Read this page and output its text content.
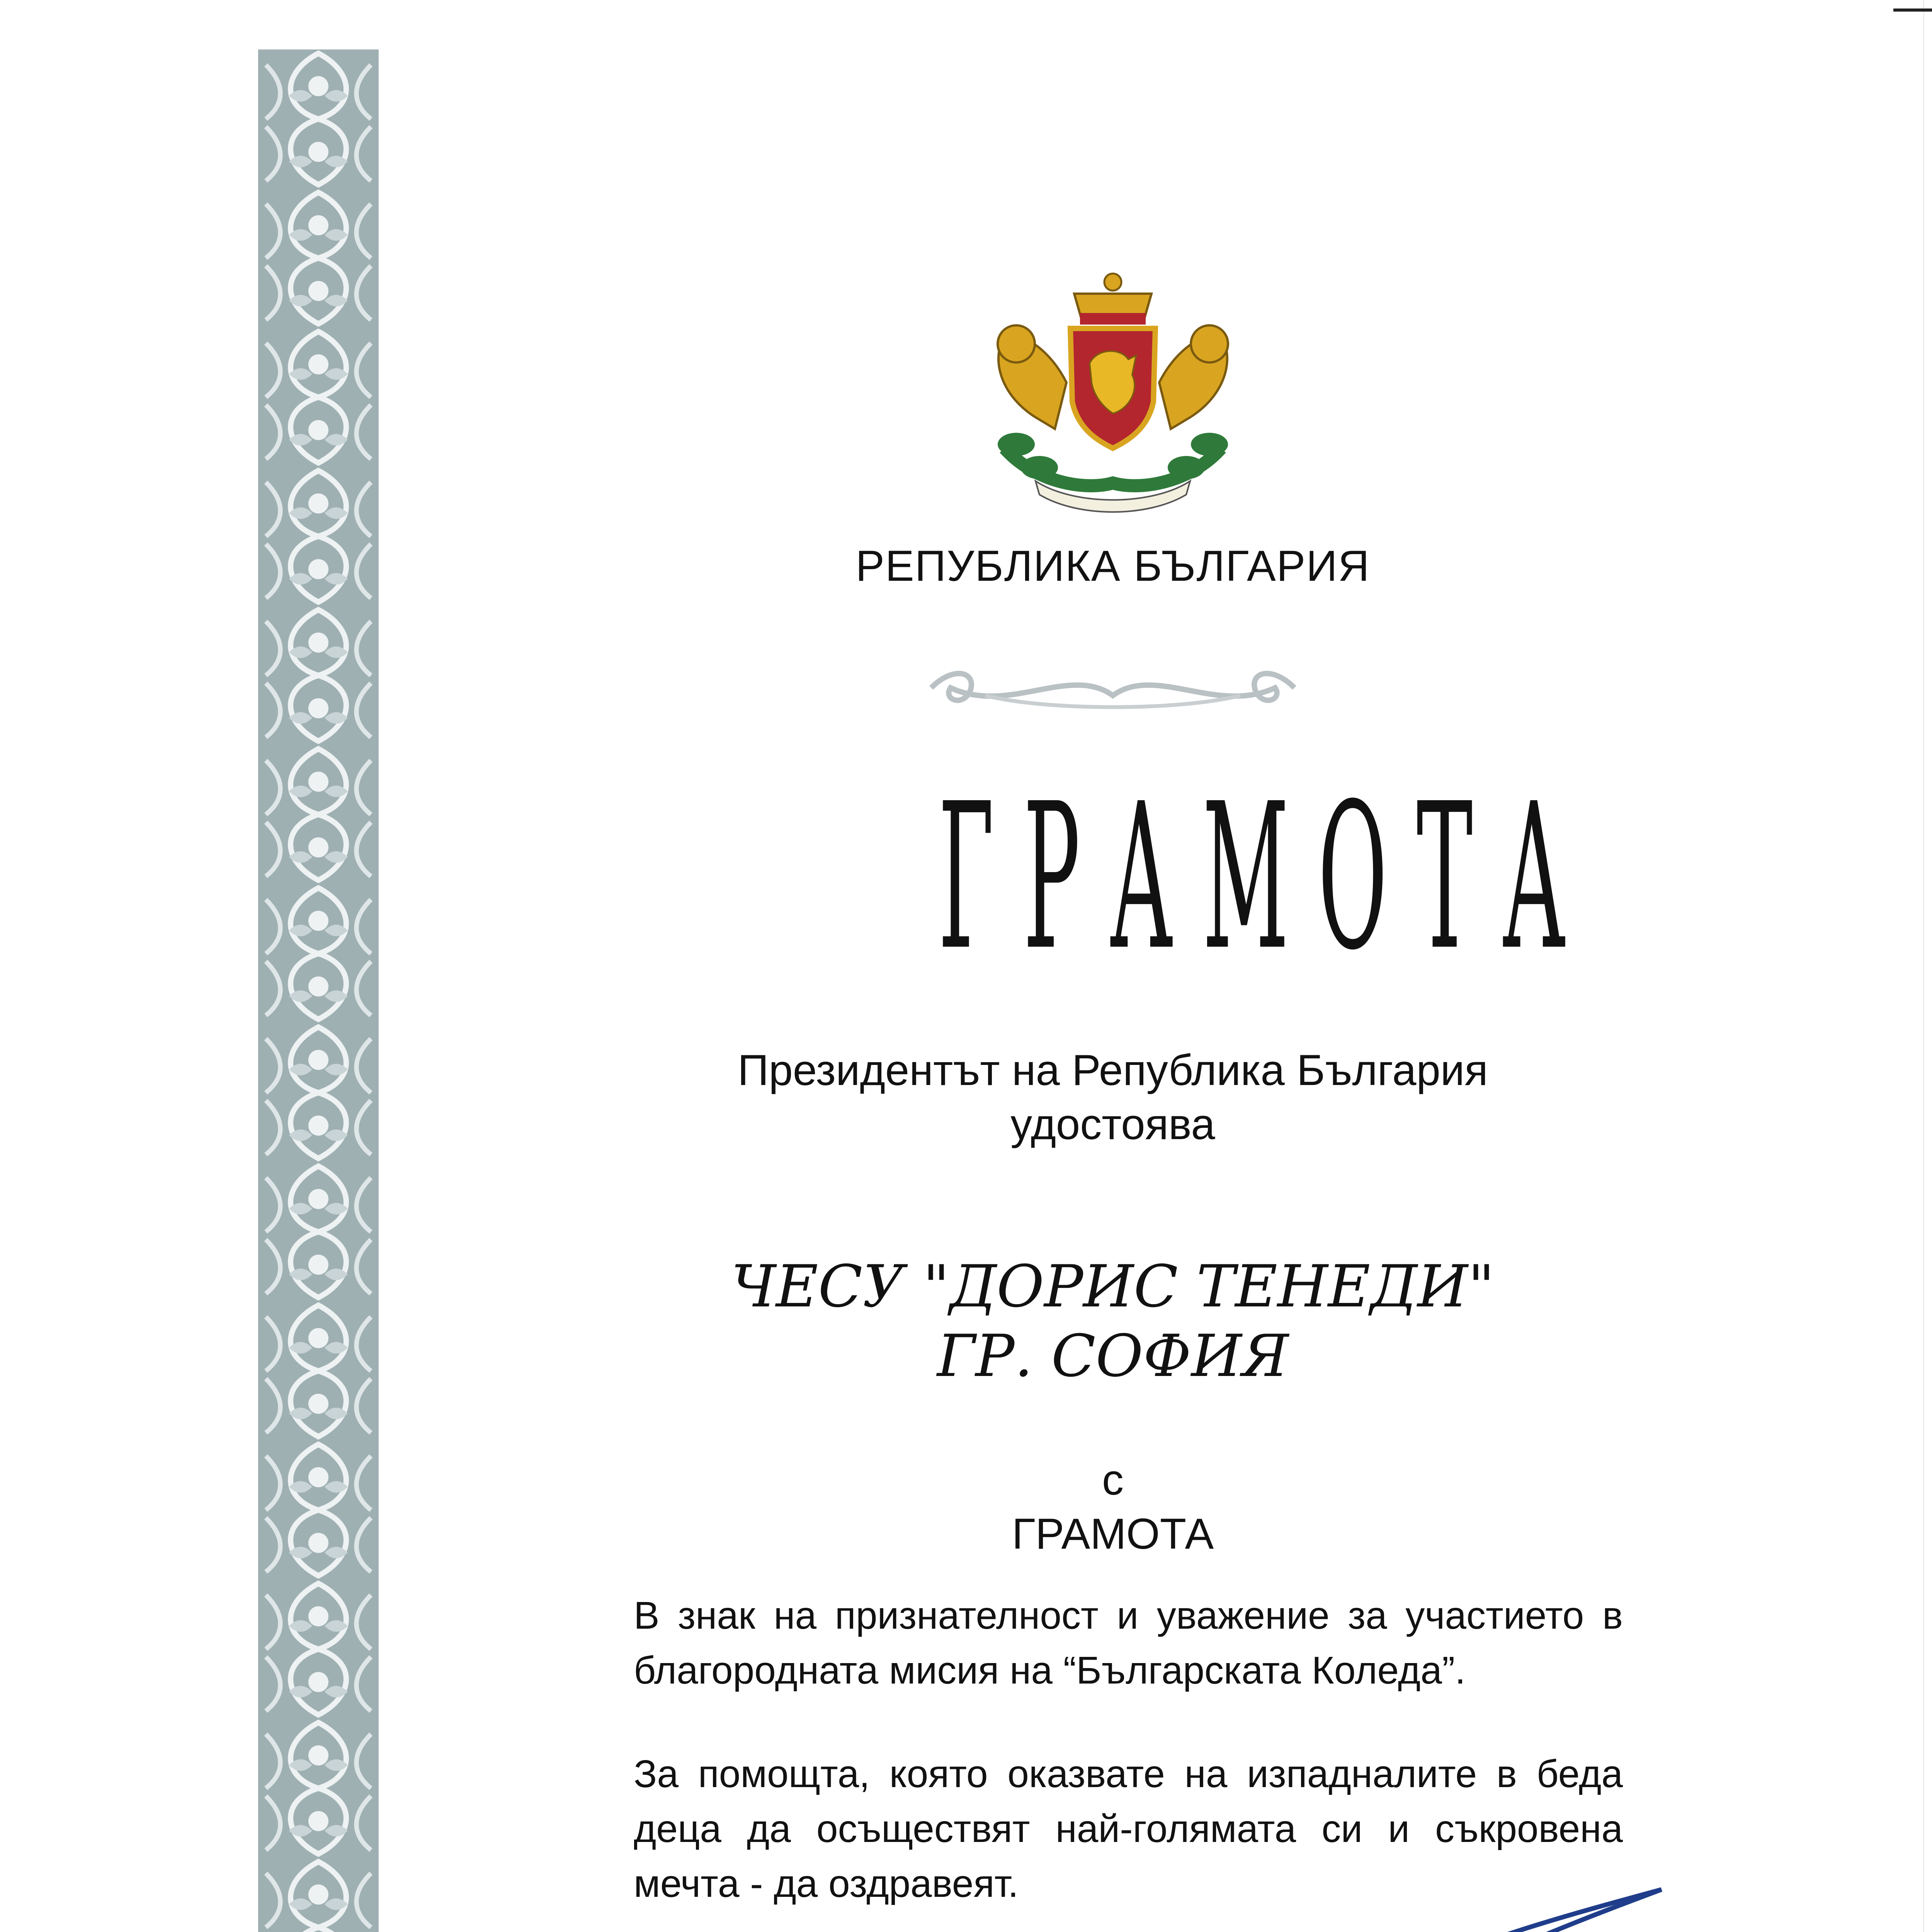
РЕПУБЛИКА БЪЛГАРИЯ
ГРАМОТА
Президентът на Република България
удостоява
ЧЕСУ "ДОРИС ТЕНЕДИ"
ГР. СОФИЯ
с
ГРАМОТА
В знак на признателност и уважение за участието в благородната мисия на “Българската Коледа”.
За помощта, която оказвате на изпадналите в беда деца да осъществят най-голямата си и съкровена мечта - да оздравеят.
